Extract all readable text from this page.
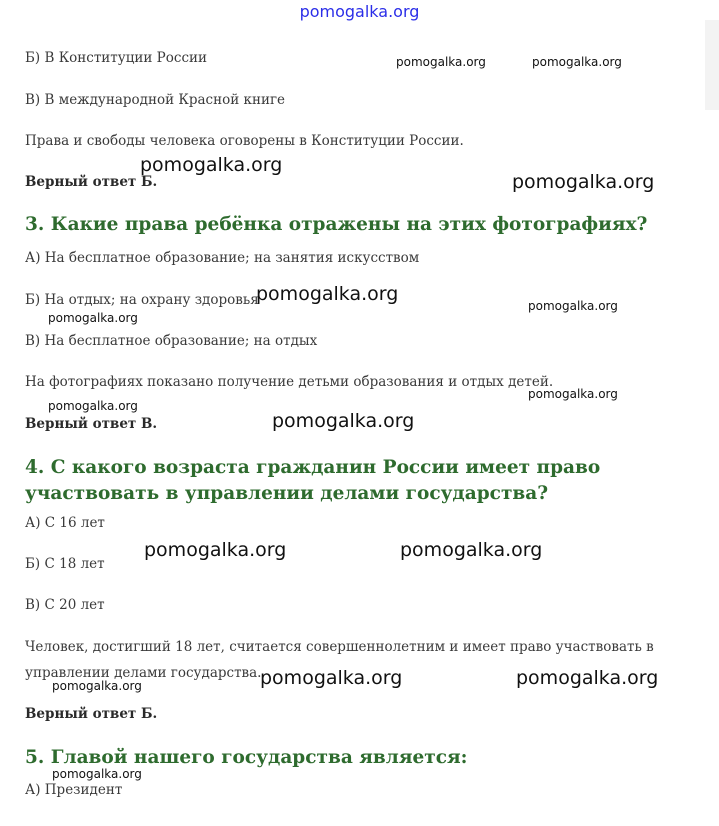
pomogalka.org
Б) В Конституции России
В) В международной Красной книге
Права и свободы человека оговорены в Конституции России.
Верный ответ Б.
3. Какие права ребёнка отражены на этих фотографиях?
А) На бесплатное образование; на занятия искусством
Б) На отдых; на охрану здоровья
В) На бесплатное образование; на отдых
На фотографиях показано получение детьми образования и отдых детей.
Верный ответ В.
4. С какого возраста гражданин России имеет право участвовать в управлении делами государства?
А) С 16 лет
Б) С 18 лет
В) С 20 лет
Человек, достигший 18 лет, считается совершеннолетним и имеет право участвовать в управлении делами государства.
Верный ответ Б.
5. Главой нашего государства является:
А) Президент
pomogalka.org	pomogalka.org
pomogalka.org
pomogalka.org
pomogalka.org
pomogalka.org
pomogalka.org
pomogalka.org
pomogalka.org
pomogalka.org
pomogalka.org	pomogalka.org
pomogalka.org	pomogalka.org
pomogalka.org
pomogalka.org
